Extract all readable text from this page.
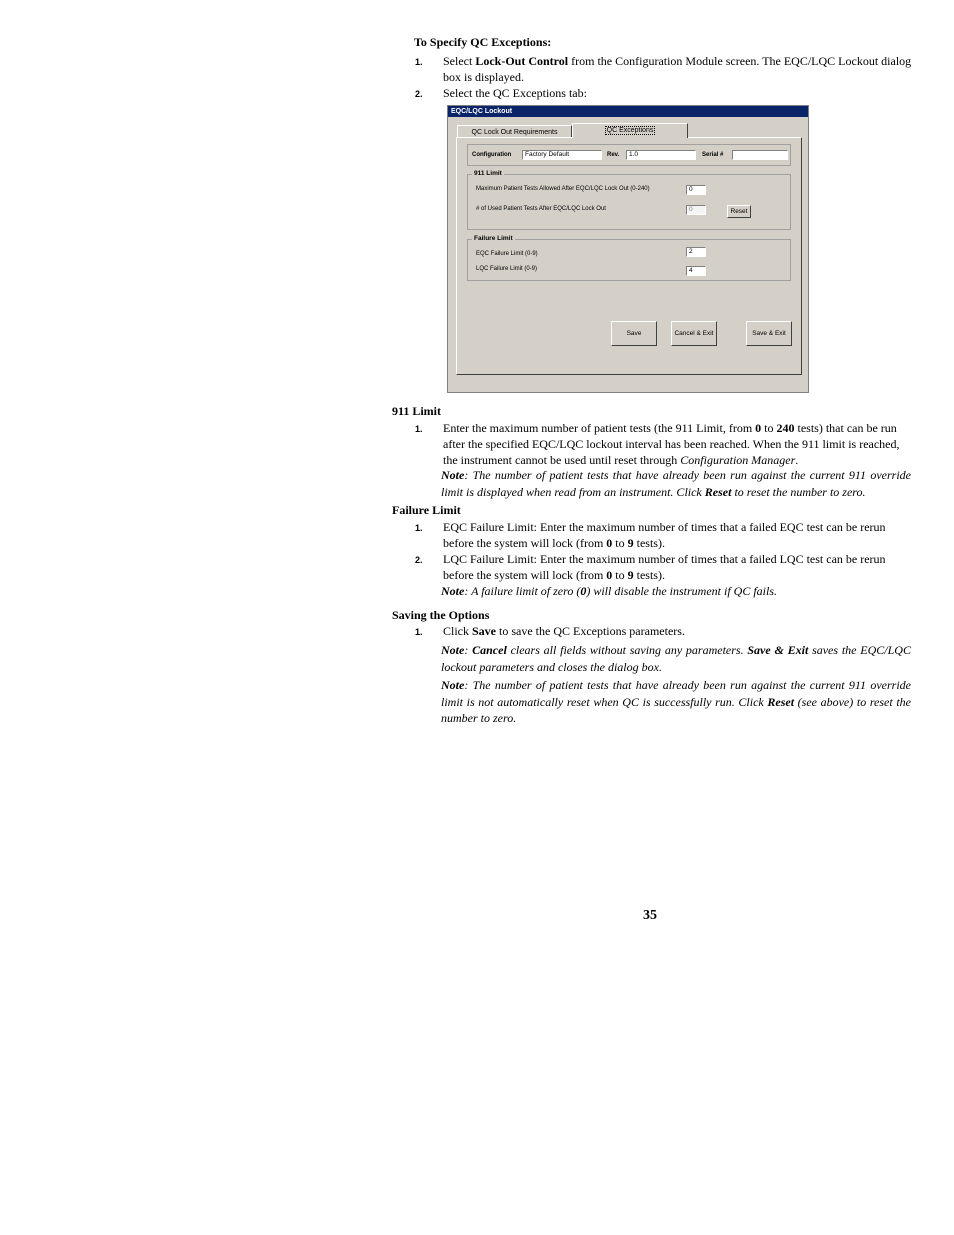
To Specify QC Exceptions:
1. Select Lock-Out Control from the Configuration Module screen. The EQC/LQC Lockout dialog
box is displayed.
2. Select the QC Exceptions tab:
EQC/LQC Lockout
QC Lock Out Requirements	QC Exceptions
Configuration	Factory Default	Rev.	1.0	Serial #
911 Limit
Maximum Patient Tests Allowed After EQC/LQC Lock Out (0-240)	0
# of Used Patient Tests After EQC/LQC Lock Out	0	Reset
Failure Limit
EQC Failure Limit (0-9)	2
LQC Failure Limit (0-9)	4
Save	Cancel & Exit	Save & Exit
911 Limit
1. Enter the maximum number of patient tests (the 911 Limit, from 0 to 240 tests) that can be run
after the specified EQC/LQC lockout interval has been reached. When the 911 limit is reached,
the instrument cannot be used until reset through Configuration Manager.
Note: The number of patient tests that have already been run against the current 911 override limit is displayed when read from an instrument. Click Reset to reset the number to zero.
Failure Limit
1. EQC Failure Limit: Enter the maximum number of times that a failed EQC test can be rerun
before the system will lock (from 0 to 9 tests).
2. LQC Failure Limit: Enter the maximum number of times that a failed LQC test can be rerun
before the system will lock (from 0 to 9 tests).
Note: A failure limit of zero (0) will disable the instrument if QC fails.
Saving the Options
1. Click Save to save the QC Exceptions parameters.
Note: Cancel clears all fields without saving any parameters. Save & Exit saves the EQC/LQC lockout parameters and closes the dialog box.
Note: The number of patient tests that have already been run against the current 911 override limit is not automatically reset when QC is successfully run. Click Reset (see above) to reset the number to zero.
35
